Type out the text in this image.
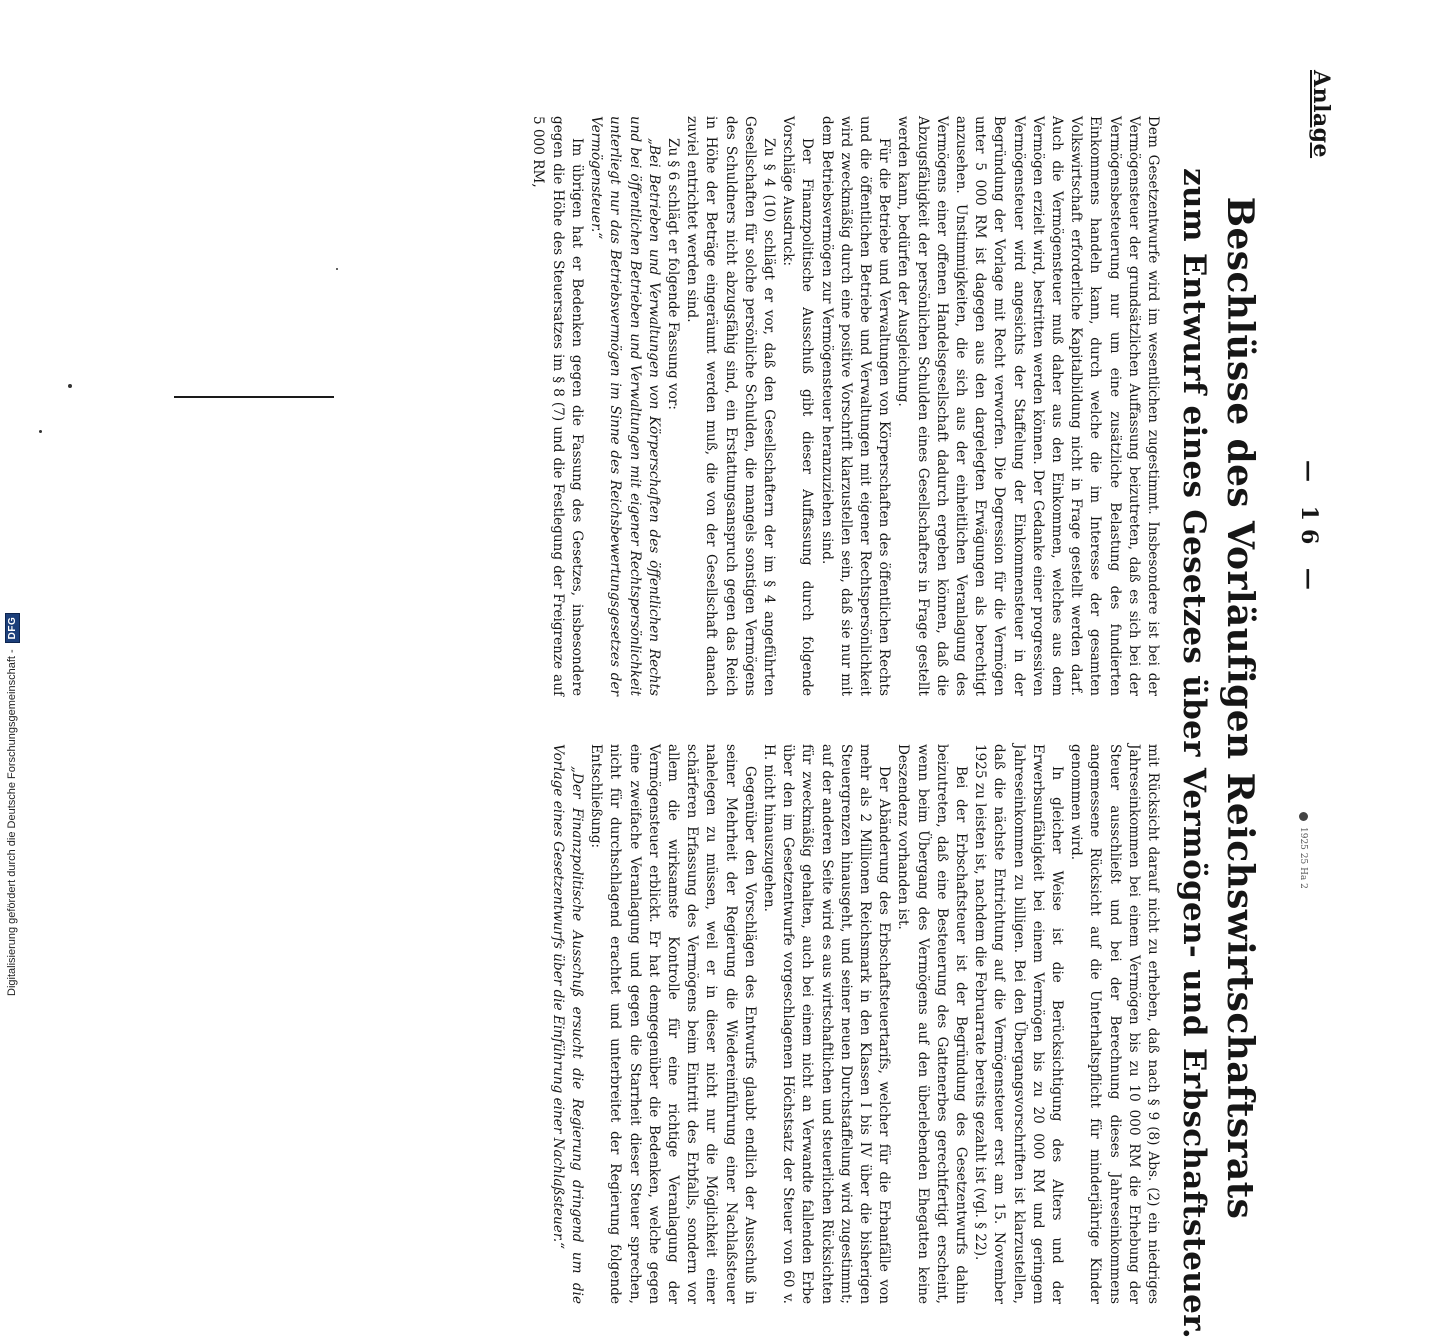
Anlage
— 16 —
Beschlüsse des Vorläufigen Reichswirtschaftsrats
zum Entwurf eines Gesetzes über Vermögen- und Erbschaftsteuer.

Dem Gesetzentwurfe wird im wesentlichen zugestimmt. Insbesondere ist bei der Vermögensteuer der grundsätzlichen Auffassung beizutreten, daß es sich bei der Vermögensbesteuerung nur um eine zusätzliche Belastung des fundierten Einkommens handeln kann, durch welche die im Interesse der gesamten Volkswirtschaft erforderliche Kapitalbildung nicht in Frage gestellt werden darf. Auch die Vermögensteuer muß daher aus den Einkommen, welches aus dem Vermögen erzielt wird, bestritten werden können. Der Gedanke einer progressiven Vermögensteuer wird angesichts der Staffelung der Einkommensteuer in der Begründung der Vorlage mit Recht verworfen. Die Degression für die Vermögen unter 5 000 RM ist dagegen aus den dargelegten Erwägungen als berechtigt anzusehen. Unstimmigkeiten, die sich aus der einheitlichen Veranlagung des Vermögens einer offenen Handelsgesellschaft dadurch ergeben können, daß die Abzugsfähigkeit der persönlichen Schulden eines Gesellschafters in Frage gestellt werden kann, bedürfen der Ausgleichung.

Für die Betriebe und Verwaltungen von Körperschaften des öffentlichen Rechts und die öffentlichen Betriebe und Verwaltungen mit eigener Rechtspersönlichkeit wird zweckmäßig durch eine positive Vorschrift klarzustellen sein, daß sie nur mit dem Betriebsvermögen zur Vermögensteuer heranzuziehen sind.

Der Finanzpolitische Ausschuß gibt dieser Auffassung durch folgende Vorschläge Ausdruck:

Zu § 4 (10) schlägt er vor, daß den Gesellschaftern der im § 4 angeführten Gesellschaften für solche persönliche Schulden, die mangels sonstigen Vermögens des Schuldners nicht abzugsfähig sind, ein Erstattungsanspruch gegen das Reich in Höhe der Beträge eingeräumt werden muß, die von der Gesellschaft danach zuviel entrichtet werden sind.

Zu § 6 schlägt er folgende Fassung vor:

„Bei Betrieben und Verwaltungen von Körperschaften des öffentlichen Rechts und bei öffentlichen Betrieben und Verwaltungen mit eigener Rechtspersönlichkeit unterliegt nur das Betriebsvermögen im Sinne des Reichsbewertungsgesetzes der Vermögensteuer.“

Im übrigen hat er Bedenken gegen die Fassung des Gesetzes, insbesondere gegen die Höhe des Steuersatzes im § 8 (7) und die Festlegung der Freigrenze auf 5 000 RM,

mit Rücksicht darauf nicht zu erheben, daß nach § 9 (8) Abs. (2) ein niedriges Jahreseinkommen bei einem Vermögen bis zu 10 000 RM die Erhebung der Steuer ausschließt und bei der Berechnung dieses Jahreseinkommens angemessene Rücksicht auf die Unterhaltspflicht für minderjährige Kinder genommen wird.

In gleicher Weise ist die Berücksichtigung des Alters und der Erwerbsunfähigkeit bei einem Vermögen bis zu 20 000 RM und geringem Jahreseinkommen zu billigen. Bei den Übergangsvorschriften ist klarzustellen, daß die nächste Entrichtung auf die Vermögensteuer erst am 15. November 1925 zu leisten ist, nachdem die Februarrate bereits gezahlt ist (vgl. § 22).

Bei der Erbschaftsteuer ist der Begründung des Gesetzentwurfs dahin beizutreten, daß eine Besteuerung des Gattenerbes gerechtfertigt erscheint, wenn beim Übergang des Vermögens auf den überlebenden Ehegatten keine Deszendenz vorhanden ist.

Der Abänderung des Erbschaftsteuertarifs, welcher für die Erbanfälle von mehr als 2 Millionen Reichsmark in den Klassen I bis IV über die bisherigen Steuergrenzen hinausgeht, und seiner neuen Durchstaffelung wird zugestimmt; auf der anderen Seite wird es aus wirtschaftlichen und steuerlichen Rücksichten für zweckmäßig gehalten, auch bei einem nicht an Verwandte fallenden Erbe über den im Gesetzentwurfe vorgeschlagenen Höchstsatz der Steuer von 60 v. H. nicht hinauszugehen.

Gegenüber den Vorschlägen des Entwurfs glaubt endlich der Ausschuß in seiner Mehrheit der Regierung die Wiedereinführung einer Nachlaßsteuer nahelegen zu müssen, weil er in dieser nicht nur die Möglichkeit einer schärferen Erfassung des Vermögens beim Eintritt des Erbfalls, sondern vor allem die wirksamste Kontrolle für eine richtige Veranlagung der Vermögensteuer erblickt. Er hat demgegenüber die Bedenken, welche gegen eine zweifache Veranlagung und gegen die Starrheit dieser Steuer sprechen, nicht für durchschlagend erachtet und unterbreitet der Regierung folgende Entschließung:

„Der Finanzpolitische Ausschuß ersucht die Regierung dringend um die Vorlage eines Gesetzentwurfs über die Einführung einer Nachlaßsteuer.“	1925 25 Ha 2
Digitalisierung gefördert durch die Deutsche Forschungsgemeinschaft -
DFG
